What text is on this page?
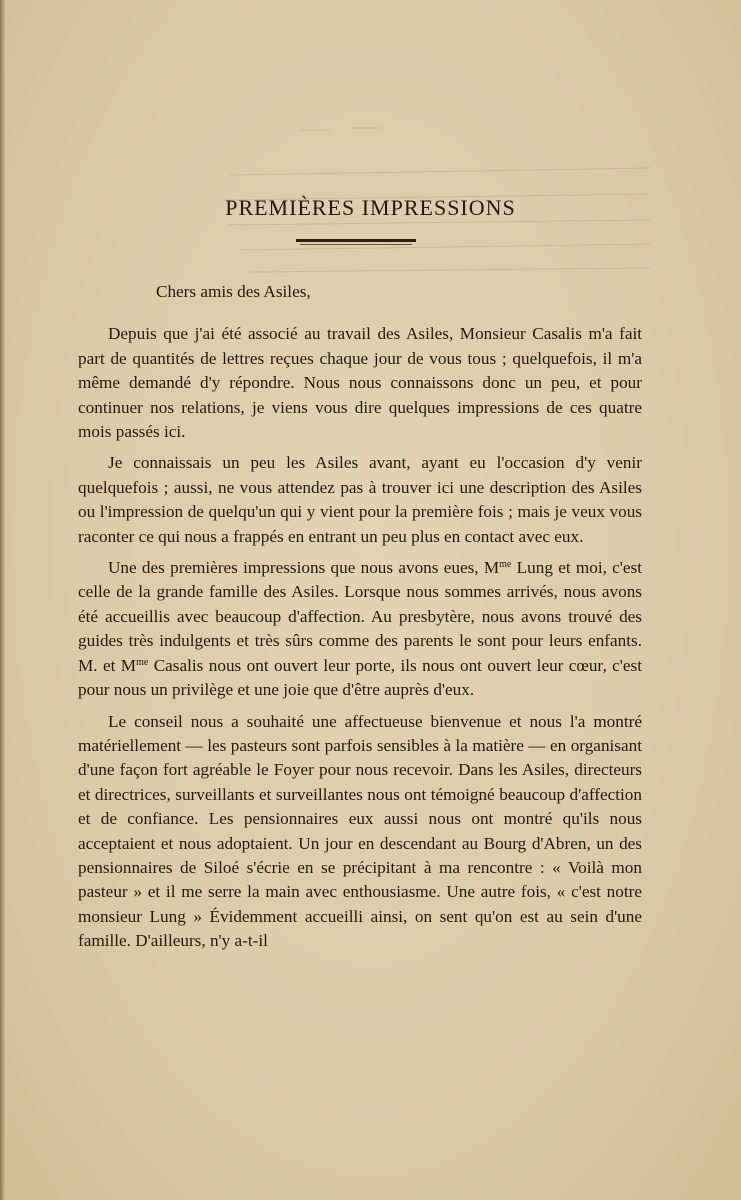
PREMIÈRES IMPRESSIONS

Chers amis des Asiles,

Depuis que j'ai été associé au travail des Asiles, Monsieur Casalis m'a fait part de quantités de lettres reçues chaque jour de vous tous ; quelquefois, il m'a même demandé d'y répondre. Nous nous connaissons donc un peu, et pour continuer nos relations, je viens vous dire quelques impressions de ces quatre mois passés ici.

Je connaissais un peu les Asiles avant, ayant eu l'occasion d'y venir quelquefois ; aussi, ne vous attendez pas à trouver ici une description des Asiles ou l'impression de quelqu'un qui y vient pour la première fois ; mais je veux vous raconter ce qui nous a frappés en entrant un peu plus en contact avec eux.

Une des premières impressions que nous avons eues, $M^{me}$ Lung et moi, c'est celle de la grande famille des Asiles. Lorsque nous sommes arrivés, nous avons été accueillis avec beaucoup d'affection. Au presbytère, nous avons trouvé des guides très indulgents et très sûrs comme des parents le sont pour leurs enfants. M. et $M^{me}$ Casalis nous ont ouvert leur porte, ils nous ont ouvert leur cœur, c'est pour nous un privilège et une joie que d'être auprès d'eux.

Le conseil nous a souhaité une affectueuse bienvenue et nous l'a montré matériellement — les pasteurs sont parfois sensibles à la matière — en organisant d'une façon fort agréable le Foyer pour nous recevoir. Dans les Asiles, directeurs et directrices, surveillants et surveillantes nous ont témoigné beaucoup d'affection et de confiance. Les pensionnaires eux aussi nous ont montré qu'ils nous acceptaient et nous adoptaient. Un jour en descendant au Bourg d'Abren, un des pensionnaires de Siloé s'écrie en se précipitant à ma rencontre : « Voilà mon pasteur » et il me serre la main avec enthousiasme. Une autre fois, « c'est notre monsieur Lung » Évidemment accueilli ainsi, on sent qu'on est au sein d'une famille. D'ailleurs, n'y a-t-il
